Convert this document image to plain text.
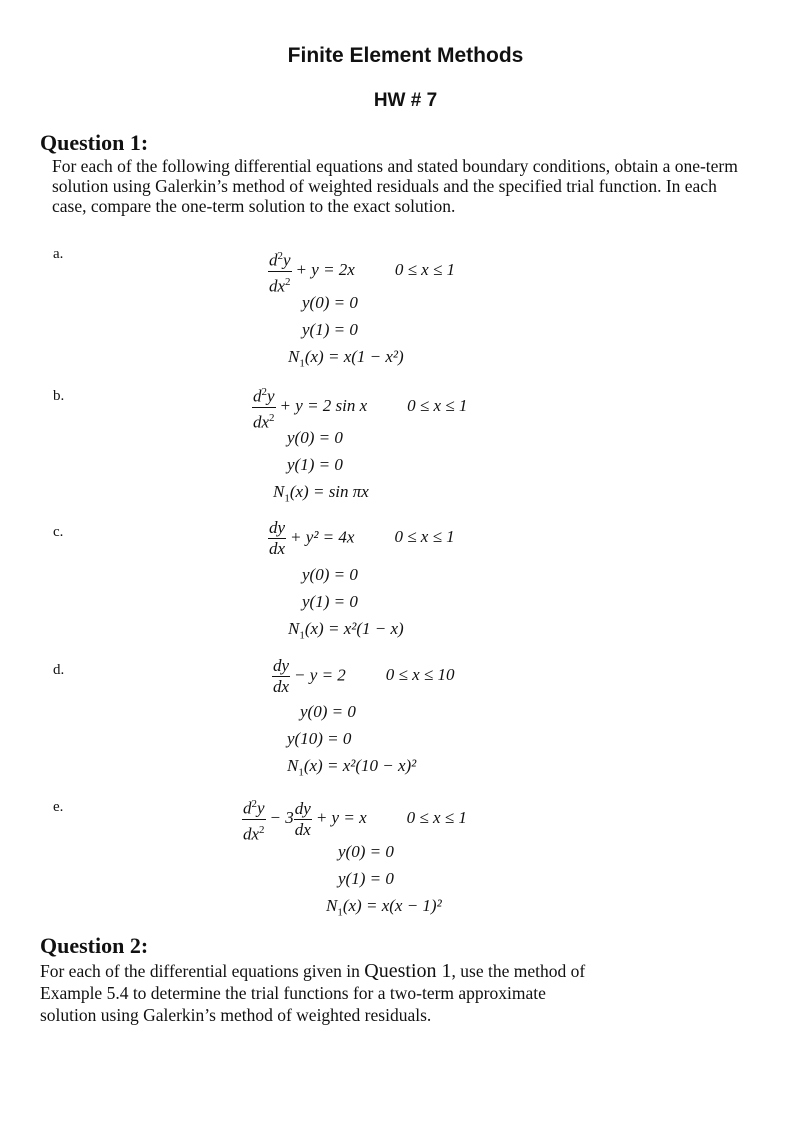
Finite Element Methods
HW # 7
Question 1:
For each of the following differential equations and stated boundary conditions, obtain a one-term solution using Galerkin’s method of weighted residuals and the specified trial function. In each case, compare the one-term solution to the exact solution.
a.	$\frac{d^2y}{dx^2} + y = 2x$ 0 ≤ x ≤ 1
y(0) = 0
y(1) = 0
$N_1(x) = x(1 - x^2)$
b.	$\frac{d^2y}{dx^2} + y = 2$ sin x 0 ≤ x ≤ 1
y(0) = 0
y(1) = 0
$N_1(x) = \sin \pi x$
c.	$\frac{dy}{dx} + y^2 = 4x$ 0 ≤ x ≤ 1
y(0) = 0
y(1) = 0
$N_1(x) = x^2(1 - x)$
d.	$\frac{dy}{dx} - y = 2$ 0 ≤ x ≤ 10
y(0) = 0
y(10) = 0
$N_1(x) = x^2(10 - x)^2$
e.	$\frac{d^2y}{dx^2} - 3 \frac{dy}{dx} + y = x$ 0 ≤ x ≤ 1
y(0) = 0
y(1) = 0
$N_1(x) = x(x - 1)^2$
Question 2:
For each of the differential equations given in Question 1, use the method of Example 5.4 to determine the trial functions for a two-term approximate solution using Galerkin’s method of weighted residuals.
